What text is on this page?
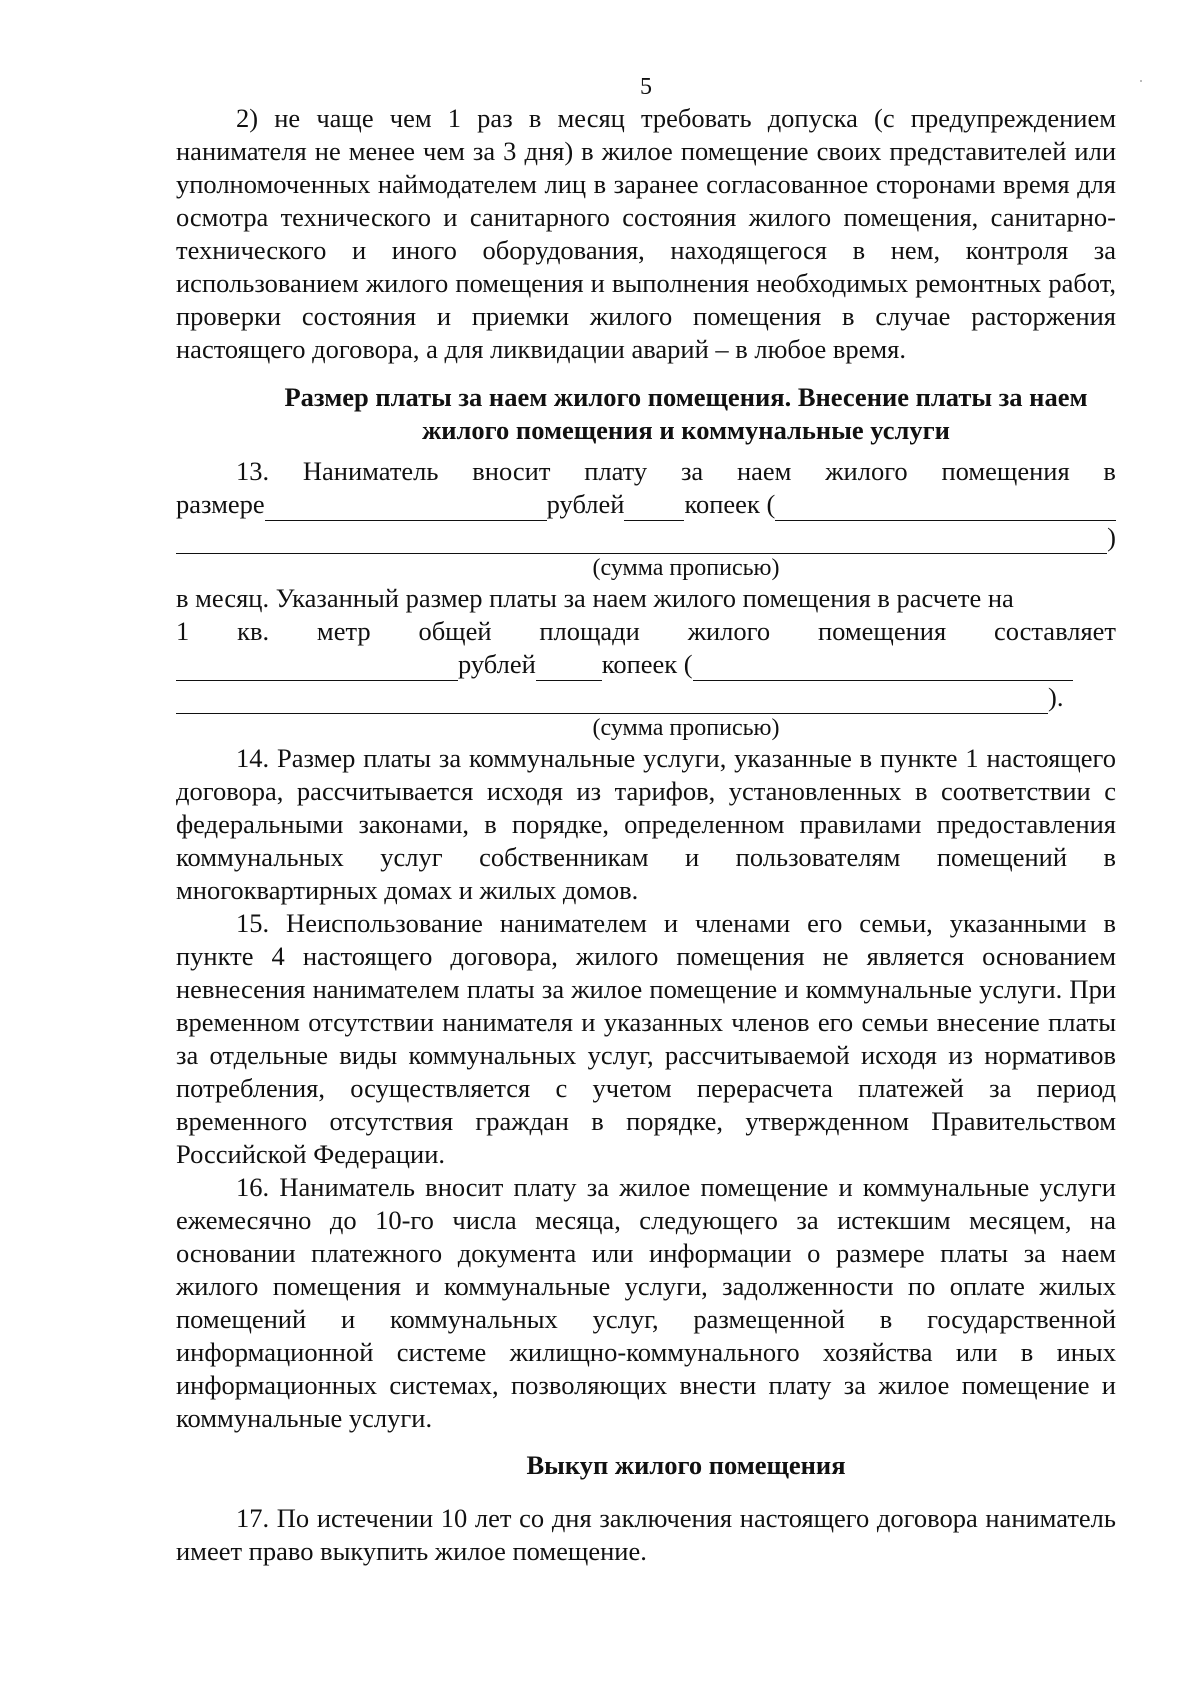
5

2) не чаще чем 1 раз в месяц требовать допуска (с предупреждением нанимателя не менее чем за 3 дня) в жилое помещение своих представителей или уполномоченных наймодателем лиц в заранее согласованное сторонами время для осмотра технического и санитарного состояния жилого помещения, санитарно-технического и иного оборудования, находящегося в нем, контроля за использованием жилого помещения и выполнения необходимых ремонтных работ, проверки состояния и приемки жилого помещения в случае расторжения настоящего договора, а для ликвидации аварий – в любое время.

Размер платы за наем жилого помещения. Внесение платы за наем
жилого помещения и коммунальные услуги
13. Наниматель вносит плату за наем жилого помещения в
размере	рублей копеек (
)
(сумма прописью)

в месяц. Указанный размер платы за наем жилого помещения в расчете на

1 кв. метр общей площади жилого помещения составляет
рублей копеек (
).
(сумма прописью)

14. Размер платы за коммунальные услуги, указанные в пункте 1 настоящего договора, рассчитывается исходя из тарифов, установленных в соответствии с федеральными законами, в порядке, определенном правилами предоставления коммунальных услуг собственникам и пользователям помещений в многоквартирных домах и жилых домов.

15. Неиспользование нанимателем и членами его семьи, указанными в пункте 4 настоящего договора, жилого помещения не является основанием невнесения нанимателем платы за жилое помещение и коммунальные услуги. При временном отсутствии нанимателя и указанных членов его семьи внесение платы за отдельные виды коммунальных услуг, рассчитываемой исходя из нормативов потребления, осуществляется с учетом перерасчета платежей за период временного отсутствия граждан в порядке, утвержденном Правительством Российской Федерации.

16. Наниматель вносит плату за жилое помещение и коммунальные услуги ежемесячно до 10-го числа месяца, следующего за истекшим месяцем, на основании платежного документа или информации о размере платы за наем жилого помещения и коммунальные услуги, задолженности по оплате жилых помещений и коммунальных услуг, размещенной в государственной информационной системе жилищно-коммунального хозяйства или в иных информационных системах, позволяющих внести плату за жилое помещение и коммунальные услуги.

Выкуп жилого помещения

17. По истечении 10 лет со дня заключения настоящего договора наниматель имеет право выкупить жилое помещение.
